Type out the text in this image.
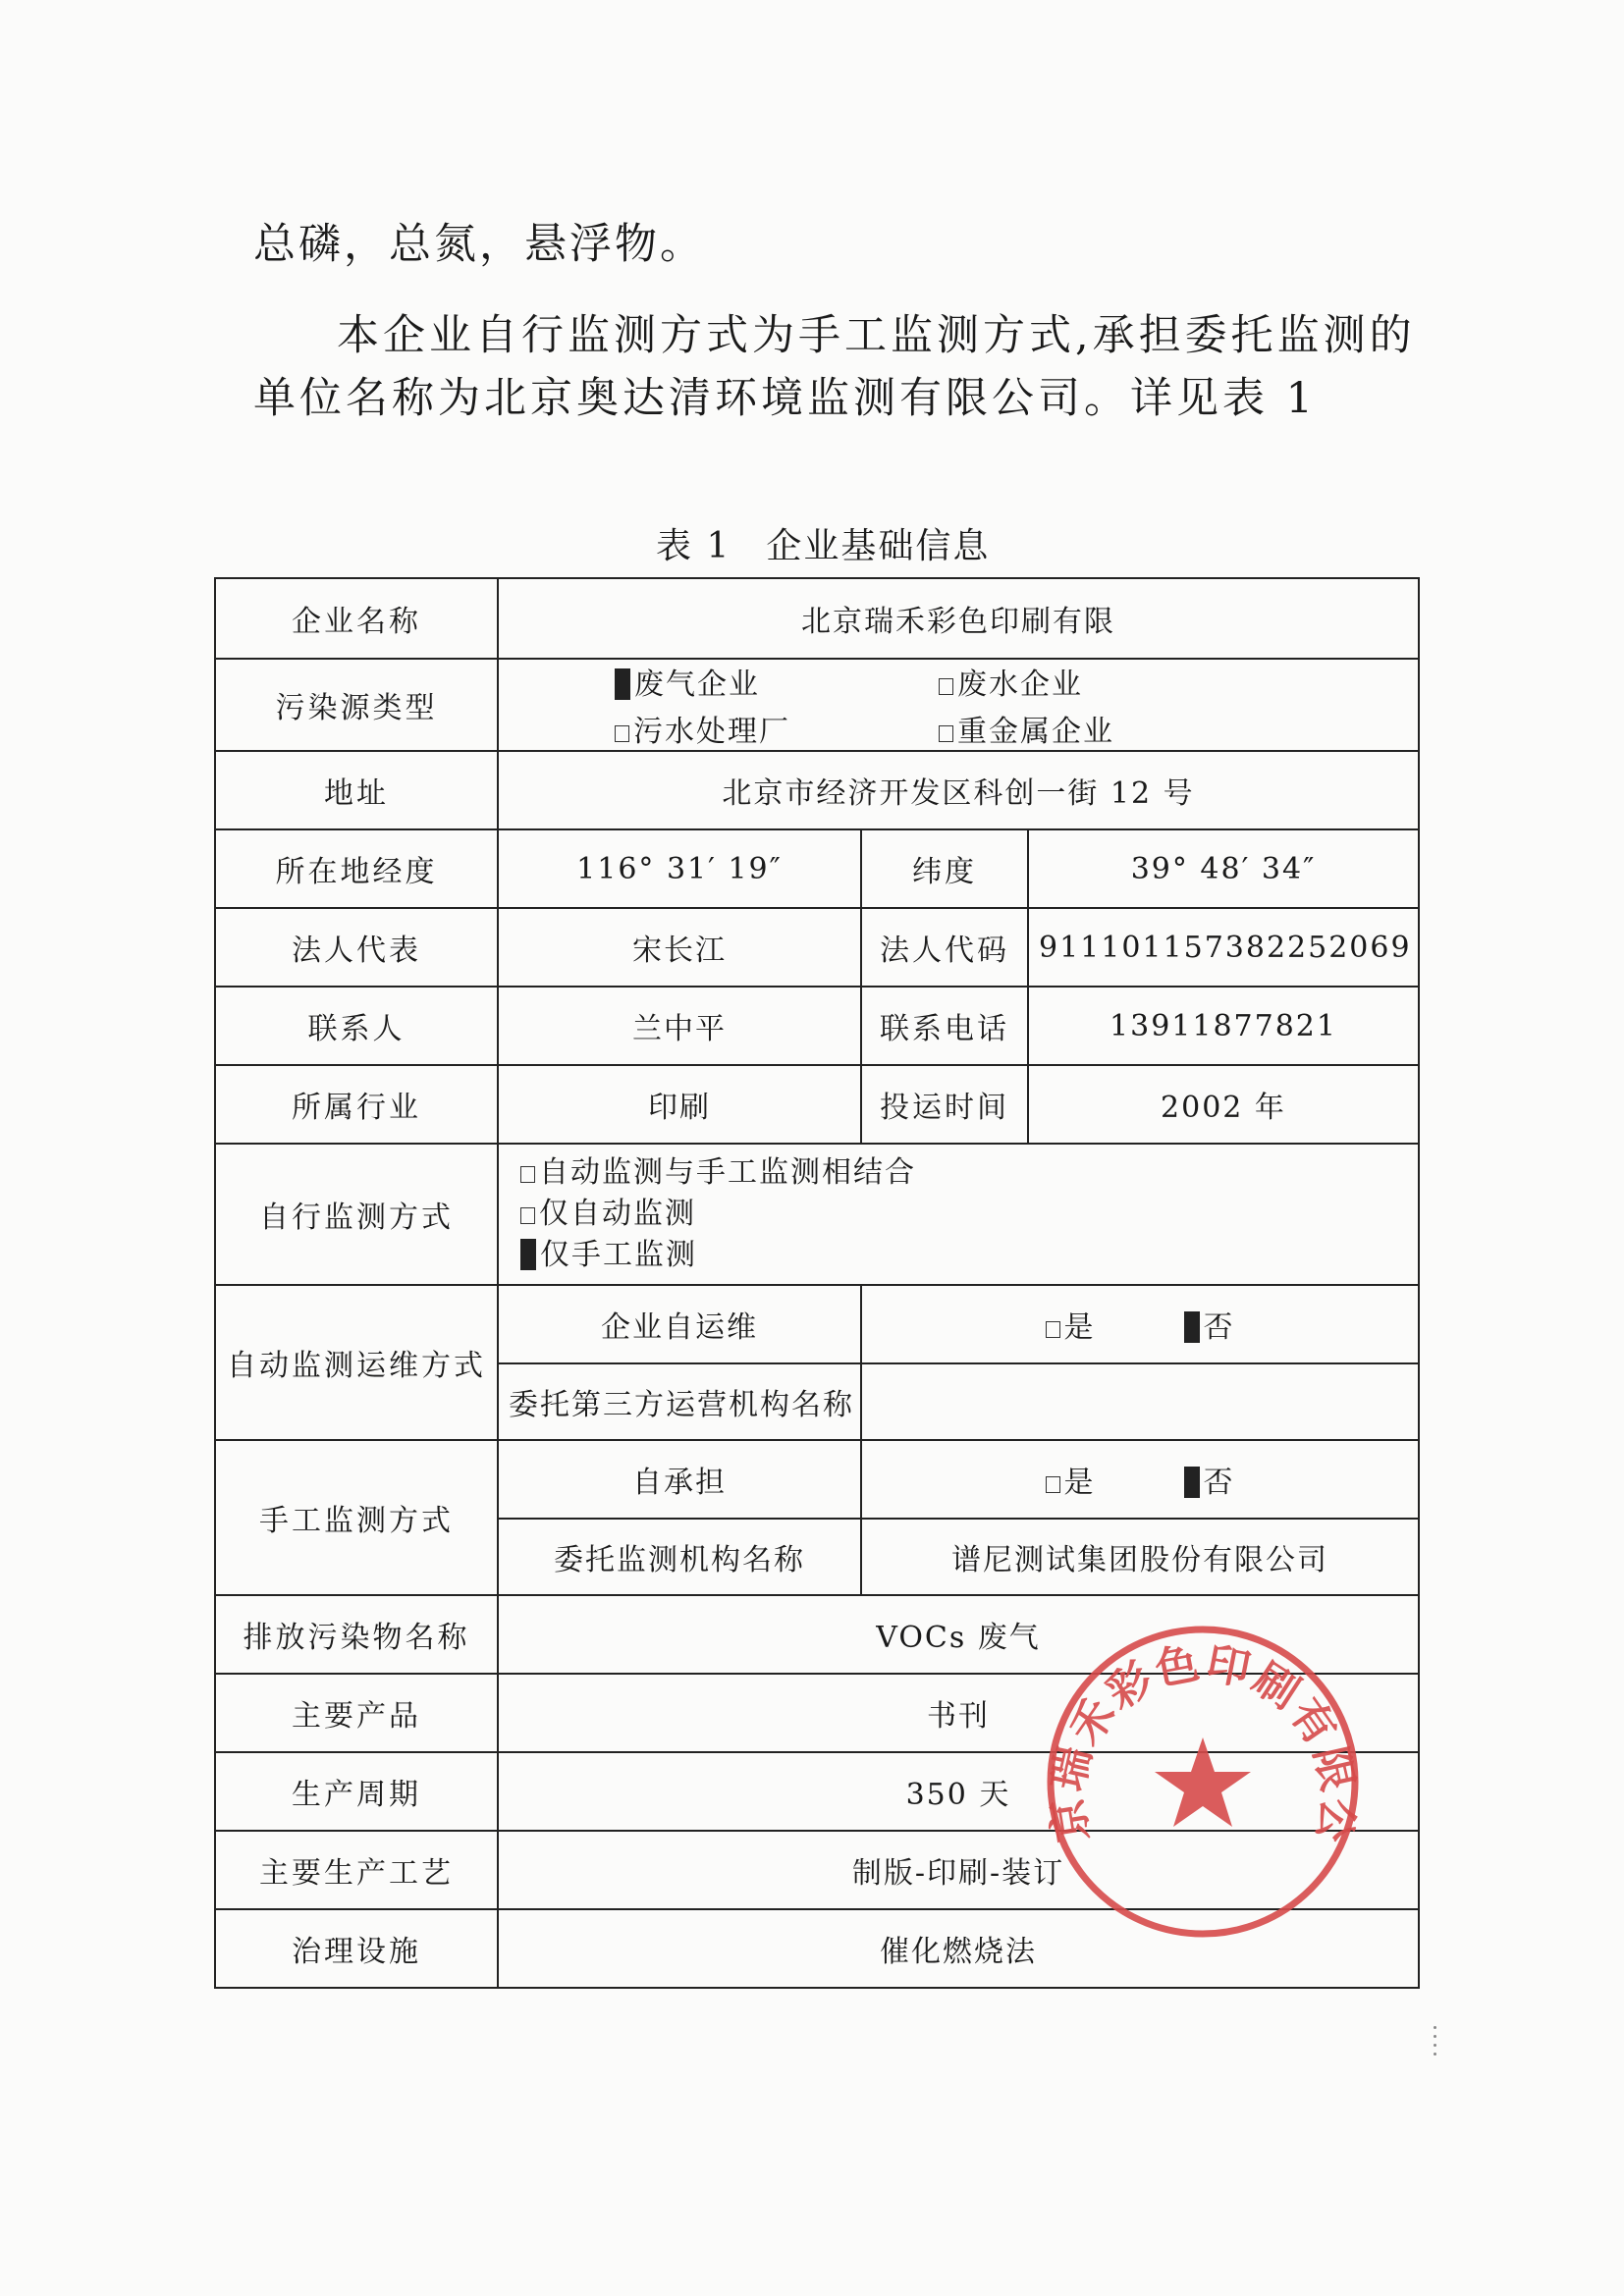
总磷，总氮，悬浮物。
本企业自行监测方式为手工监测方式,承担委托监测的
单位名称为北京奥达清环境监测有限公司。详见表 1
表 1 企业基础信息
企业名称	北京瑞禾彩色印刷有限		
污染源类型	废气企业 废水企业
污水处理厂 重金属企业		

地址	北京市经济开发区科创一街 12 号		
所在地经度	116° 31′ 19″	纬度	39° 48′ 34″
法人代表	宋长江	法人代码	911101157382252069
联系人	兰中平	联系电话	13911877821
所属行业	印刷	投运时间	2002 年
自行监测方式	自动监测与手工监测相结合
仅自动监测
仅手工监测		

自动监测运维方式	企业自运维	是 否	

	委托第三方运营机构名称		
手工监测方式	自承担	是 否	

	委托监测机构名称	谱尼测试集团股份有限公司	
排放污染物名称	VOCs 废气		
主要产品	书刊		
生产周期	350 天		
主要生产工艺	制版-印刷-装订		
治理设施	催化燃烧法		
京瑞禾彩色印刷有限公
